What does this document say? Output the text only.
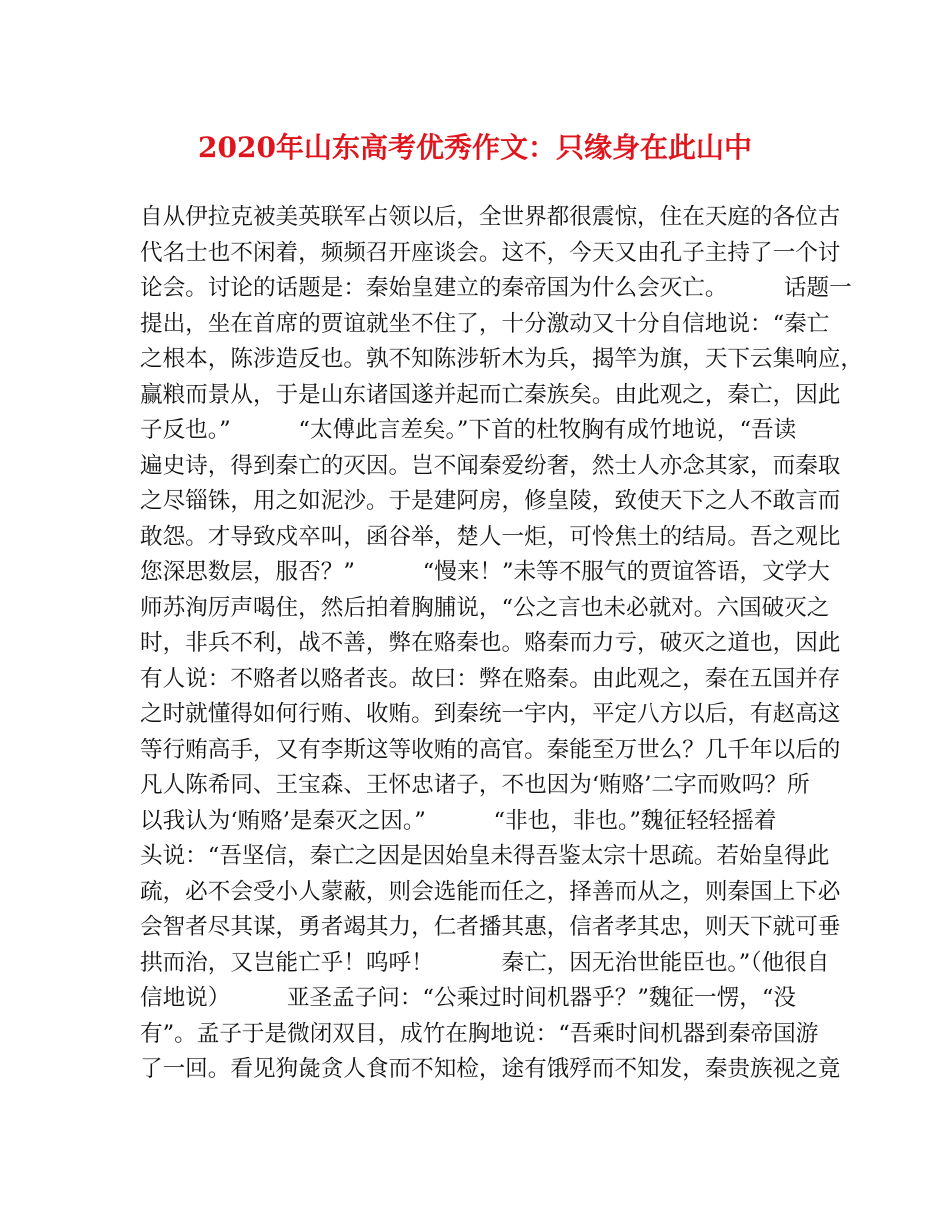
2020年山东高考优秀作文：只缘身在此山中
自从伊拉克被美英联军占领以后，全世界都很震惊，住在天庭的各位古
代名士也不闲着，频频召开座谈会。这不，今天又由孔子主持了一个讨
论会。讨论的话题是：秦始皇建立的秦帝国为什么会灭亡。　　　话题一
提出，坐在首席的贾谊就坐不住了，十分激动又十分自信地说：“秦亡
之根本，陈涉造反也。孰不知陈涉斩木为兵，揭竿为旗，天下云集响应，
赢粮而景从，于是山东诸国遂并起而亡秦族矣。由此观之，秦亡，因此
子反也。”　　　“太傅此言差矣。”下首的杜牧胸有成竹地说，“吾读
遍史诗，得到秦亡的灭因。岂不闻秦爱纷奢，然士人亦念其家，而秦取
之尽锱铢，用之如泥沙。于是建阿房，修皇陵，致使天下之人不敢言而
敢怨。才导致戍卒叫，函谷举，楚人一炬，可怜焦土的结局。吾之观比
您深思数层，服否？”　　　“慢来！”未等不服气的贾谊答语，文学大
师苏洵厉声喝住，然后拍着胸脯说，“公之言也未必就对。六国破灭之
时，非兵不利，战不善，弊在赂秦也。赂秦而力亏，破灭之道也，因此
有人说：不赂者以赂者丧。故曰：弊在赂秦。由此观之，秦在五国并存
之时就懂得如何行贿、收贿。到秦统一宇内，平定八方以后，有赵高这
等行贿高手，又有李斯这等收贿的高官。秦能至万世么？几千年以后的
凡人陈希同、王宝森、王怀忠诸子，不也因为‘贿赂’二字而败吗？所
以我认为‘贿赂’是秦灭之因。”　　　“非也，非也。”魏征轻轻摇着
头说：“吾坚信，秦亡之因是因始皇未得吾鉴太宗十思疏。若始皇得此
疏，必不会受小人蒙蔽，则会选能而任之，择善而从之，则秦国上下必
会智者尽其谋，勇者竭其力，仁者播其惠，信者孝其忠，则天下就可垂
拱而治，又岂能亡乎！呜呼！　　　秦亡，因无治世能臣也。”（他很自
信地说）　　　亚圣孟子问：“公乘过时间机器乎？”魏征一愣，“没
有”。孟子于是微闭双目，成竹在胸地说：“吾乘时间机器到秦帝国游
了一回。看见狗彘贪人食而不知检，途有饿殍而不知发，秦贵族视之竟
